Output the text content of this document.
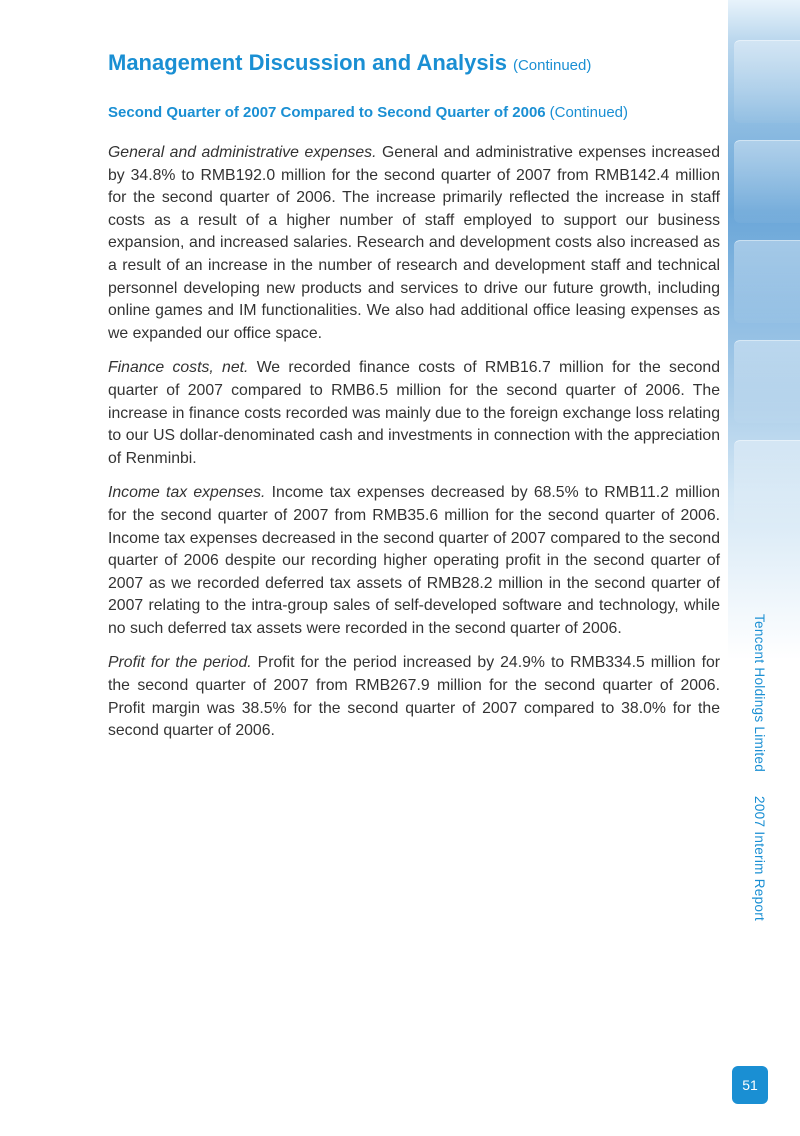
Management Discussion and Analysis (Continued)
Second Quarter of 2007 Compared to Second Quarter of 2006 (Continued)

General and administrative expenses. General and administrative expenses increased by 34.8% to RMB192.0 million for the second quarter of 2007 from RMB142.4 million for the second quarter of 2006. The increase primarily reflected the increase in staff costs as a result of a higher number of staff employed to support our business expansion, and increased salaries. Research and development costs also increased as a result of an increase in the number of research and development staff and technical personnel developing new products and services to drive our future growth, including online games and IM functionalities. We also had additional office leasing expenses as we expanded our office space.

Finance costs, net. We recorded finance costs of RMB16.7 million for the second quarter of 2007 compared to RMB6.5 million for the second quarter of 2006. The increase in finance costs recorded was mainly due to the foreign exchange loss relating to our US dollar-denominated cash and investments in connection with the appreciation of Renminbi.

Income tax expenses. Income tax expenses decreased by 68.5% to RMB11.2 million for the second quarter of 2007 from RMB35.6 million for the second quarter of 2006. Income tax expenses decreased in the second quarter of 2007 compared to the second quarter of 2006 despite our recording higher operating profit in the second quarter of 2007 as we recorded deferred tax assets of RMB28.2 million in the second quarter of 2007 relating to the intra-group sales of self-developed software and technology, while no such deferred tax assets were recorded in the second quarter of 2006.

Profit for the period. Profit for the period increased by 24.9% to RMB334.5 million for the second quarter of 2007 from RMB267.9 million for the second quarter of 2006. Profit margin was 38.5% for the second quarter of 2007 compared to 38.0% for the second quarter of 2006.	Tencent Holdings Limited2007 Interim Report
51
